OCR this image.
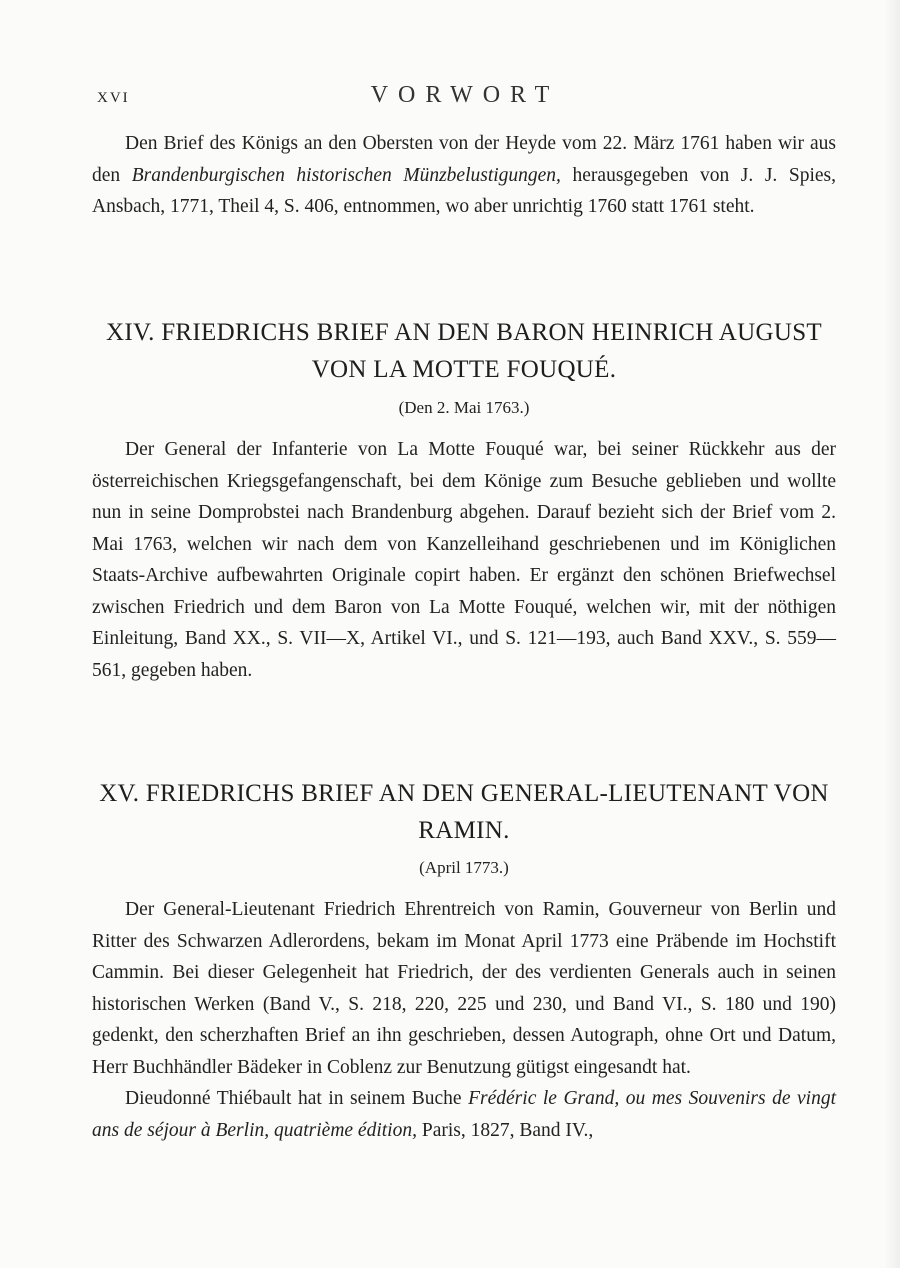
XVI	VORWORT

Den Brief des Königs an den Obersten von der Heyde vom 22. März 1761 haben wir aus den Brandenburgischen historischen Münzbelustigungen, herausgegeben von J. J. Spies, Ansbach, 1771, Theil 4, S. 406, entnommen, wo aber unrichtig 1760 statt 1761 steht.

XIV. FRIEDRICHS BRIEF AN DEN BARON HEINRICH AUGUST VON LA MOTTE FOUQUÉ.
(Den 2. Mai 1763.)

Der General der Infanterie von La Motte Fouqué war, bei seiner Rückkehr aus der österreichischen Kriegsgefangenschaft, bei dem Könige zum Besuche geblieben und wollte nun in seine Domprobstei nach Brandenburg abgehen. Darauf bezieht sich der Brief vom 2. Mai 1763, welchen wir nach dem von Kanzelleihand geschriebenen und im Königlichen Staats-Archive aufbewahrten Originale copirt haben. Er ergänzt den schönen Briefwechsel zwischen Friedrich und dem Baron von La Motte Fouqué, welchen wir, mit der nöthigen Einleitung, Band XX., S. VII—X, Artikel VI., und S. 121—193, auch Band XXV., S. 559—561, gegeben haben.

XV. FRIEDRICHS BRIEF AN DEN GENERAL-LIEUTENANT VON RAMIN.
(April 1773.)

Der General-Lieutenant Friedrich Ehrentreich von Ramin, Gouverneur von Berlin und Ritter des Schwarzen Adlerordens, bekam im Monat April 1773 eine Präbende im Hochstift Cammin. Bei dieser Gelegenheit hat Friedrich, der des verdienten Generals auch in seinen historischen Werken (Band V., S. 218, 220, 225 und 230, und Band VI., S. 180 und 190) gedenkt, den scherzhaften Brief an ihn geschrieben, dessen Autograph, ohne Ort und Datum, Herr Buchhändler Bädeker in Coblenz zur Benutzung gütigst eingesandt hat.

Dieudonné Thiébault hat in seinem Buche Frédéric le Grand, ou mes Souvenirs de vingt ans de séjour à Berlin, quatrième édition, Paris, 1827, Band IV.,
